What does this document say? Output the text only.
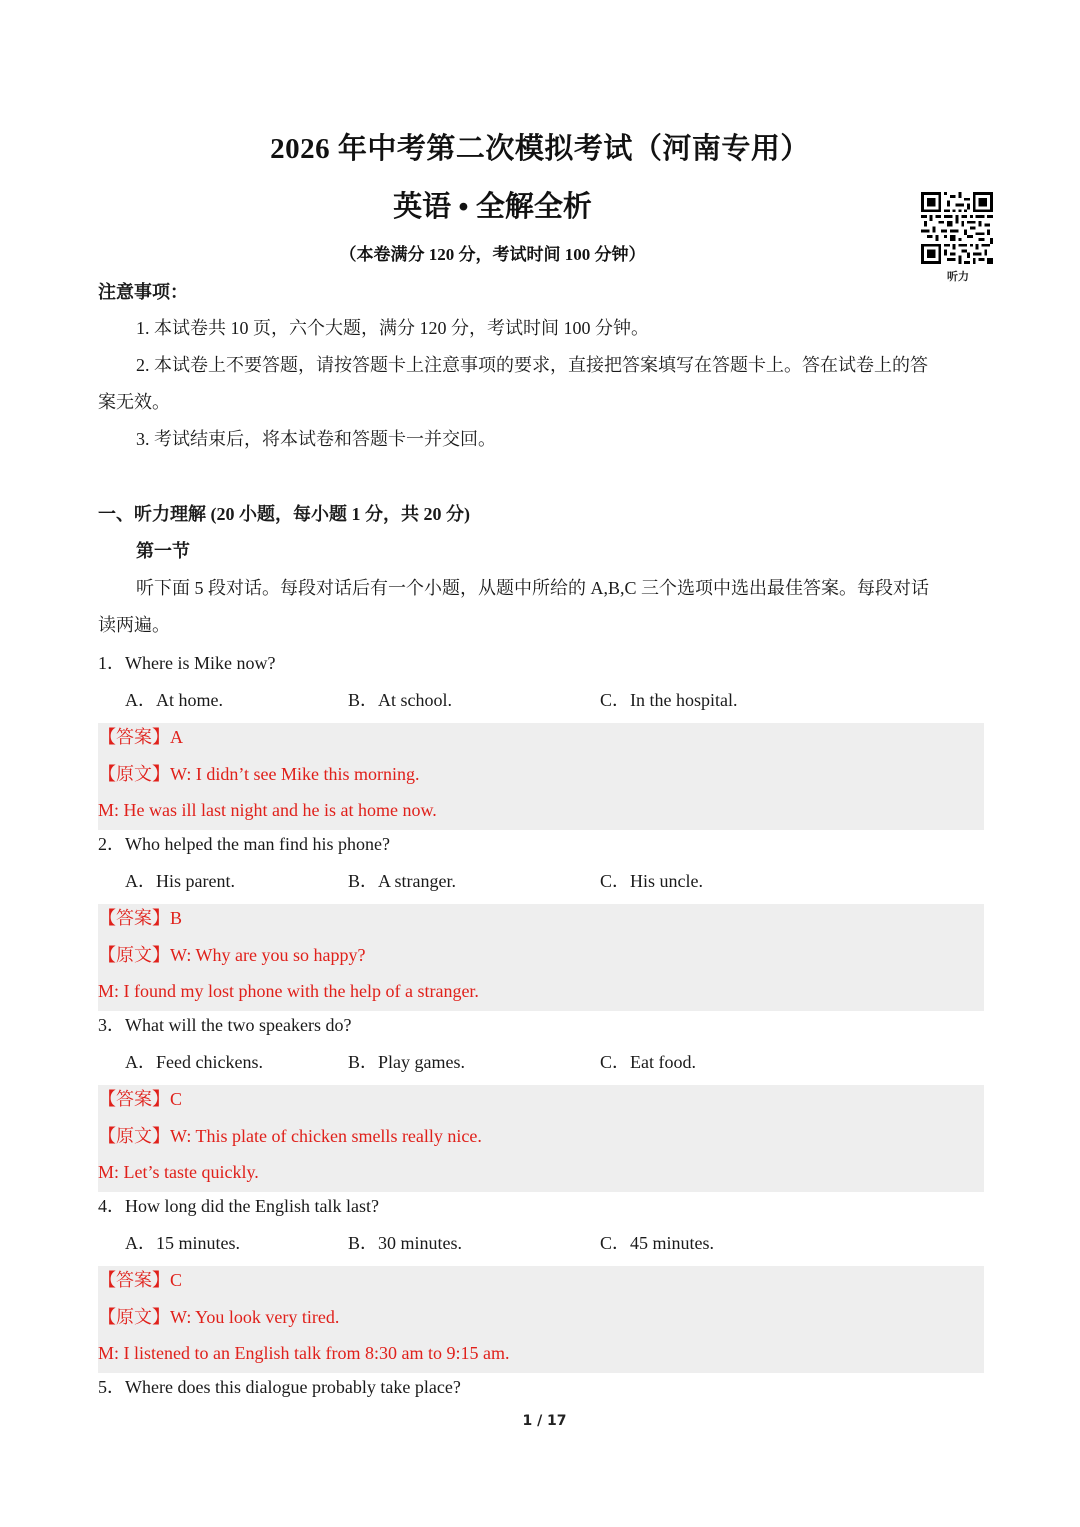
2026 年中考第二次模拟考试（河南专用）
英语 • 全解全析
（本卷满分 120 分，考试时间 100 分钟）
听力
注意事项：
1. 本试卷共 10 页，六个大题，满分 120 分，考试时间 100 分钟。
2. 本试卷上不要答题，请按答题卡上注意事项的要求，直接把答案填写在答题卡上。答在试卷上的答
案无效。
3. 考试结束后，将本试卷和答题卡一并交回。
一、听力理解 (20 小题，每小题 1 分，共 20 分)
第一节
听下面 5 段对话。每段对话后有一个小题，从题中所给的 A,B,C 三个选项中选出最佳答案。每段对话
读两遍。
1．Where is Mike now?
A．At home.	B．At school.	C．In the hospital.
【答案】A
【原文】W: I didn’t see Mike this morning.
M: He was ill last night and he is at home now.
2．Who helped the man find his phone?
A．His parent.	B．A stranger.	C．His uncle.
【答案】B
【原文】W: Why are you so happy?
M: I found my lost phone with the help of a stranger.
3．What will the two speakers do?
A．Feed chickens.	B．Play games.	C．Eat food.
【答案】C
【原文】W: This plate of chicken smells really nice.
M: Let’s taste quickly.
4．How long did the English talk last?
A．15 minutes.	B．30 minutes.	C．45 minutes.
【答案】C
【原文】W: You look very tired.
M: I listened to an English talk from 8:30 am to 9:15 am.
5．Where does this dialogue probably take place?
1 / 17
